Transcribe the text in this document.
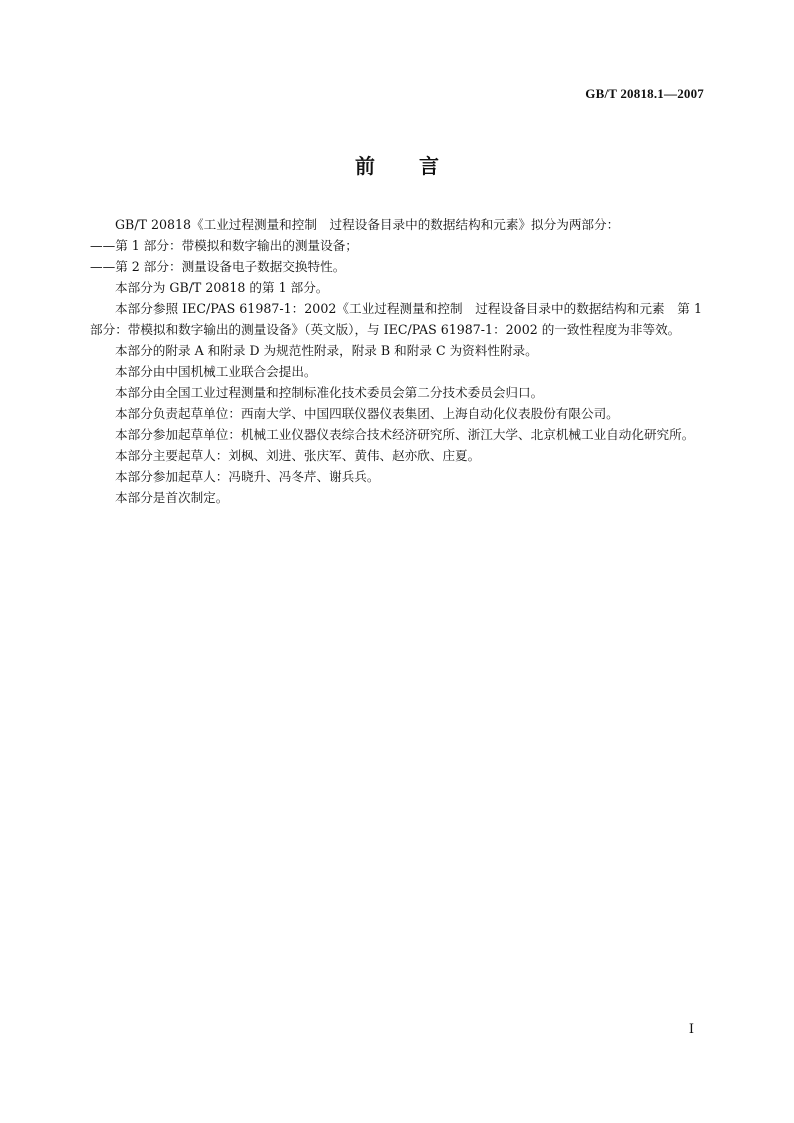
GB/T 20818.1—2007
前言

GB/T 20818《工业过程测量和控制　过程设备目录中的数据结构和元素》拟分为两部分：

——第 1 部分：带模拟和数字输出的测量设备；

——第 2 部分：测量设备电子数据交换特性。

本部分为 GB/T 20818 的第 1 部分。

本部分参照 IEC/PAS 61987-1：2002《工业过程测量和控制　过程设备目录中的数据结构和元素　第 1 部分：带模拟和数字输出的测量设备》（英文版），与 IEC/PAS 61987-1：2002 的一致性程度为非等效。

本部分的附录 A 和附录 D 为规范性附录，附录 B 和附录 C 为资料性附录。

本部分由中国机械工业联合会提出。

本部分由全国工业过程测量和控制标准化技术委员会第二分技术委员会归口。

本部分负责起草单位：西南大学、中国四联仪器仪表集团、上海自动化仪表股份有限公司。

本部分参加起草单位：机械工业仪器仪表综合技术经济研究所、浙江大学、北京机械工业自动化研究所。

本部分主要起草人：刘枫、刘进、张庆军、黄伟、赵亦欣、庄夏。

本部分参加起草人：冯晓升、冯冬芹、谢兵兵。

本部分是首次制定。

Ⅰ
